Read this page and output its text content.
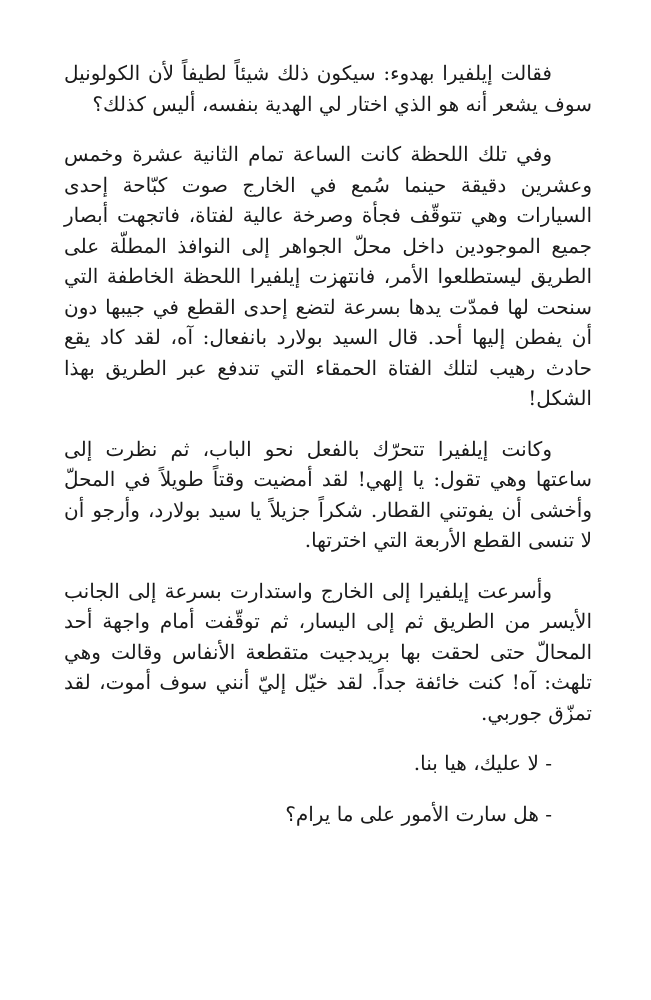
فقالت إيلفيرا بهدوء: سيكون ذلك شيئاً لطيفاً لأن الكولونيل سوف يشعر أنه هو الذي اختار لي الهدية بنفسه، أليس كذلك؟

وفي تلك اللحظة كانت الساعة تمام الثانية عشرة وخمس وعشرين دقيقة حينما سُمع في الخارج صوت كبّاحة إحدى السيارات وهي تتوقّف فجأة وصرخة عالية لفتاة، فاتجهت أبصار جميع الموجودين داخل محلّ الجواهر إلى النوافذ المطلّة على الطريق ليستطلعوا الأمر، فانتهزت إيلفيرا اللحظة الخاطفة التي سنحت لها فمدّت يدها بسرعة لتضع إحدى القطع في جيبها دون أن يفطن إليها أحد. قال السيد بولارد بانفعال: آه، لقد كاد يقع حادث رهيب لتلك الفتاة الحمقاء التي تندفع عبر الطريق بهذا الشكل!

وكانت إيلفيرا تتحرّك بالفعل نحو الباب، ثم نظرت إلى ساعتها وهي تقول: يا إلهي! لقد أمضيت وقتاً طويلاً في المحلّ وأخشى أن يفوتني القطار. شكراً جزيلاً يا سيد بولارد، وأرجو أن لا تنسى القطع الأربعة التي اخترتها.

وأسرعت إيلفيرا إلى الخارج واستدارت بسرعة إلى الجانب الأيسر من الطريق ثم إلى اليسار، ثم توقّفت أمام واجهة أحد المحالّ حتى لحقت بها بريدجيت متقطعة الأنفاس وقالت وهي تلهث: آه! كنت خائفة جداً. لقد خيّل إليّ أنني سوف أموت، لقد تمزّق جوربي.

- لا عليك، هيا بنا.

- هل سارت الأمور على ما يرام؟
